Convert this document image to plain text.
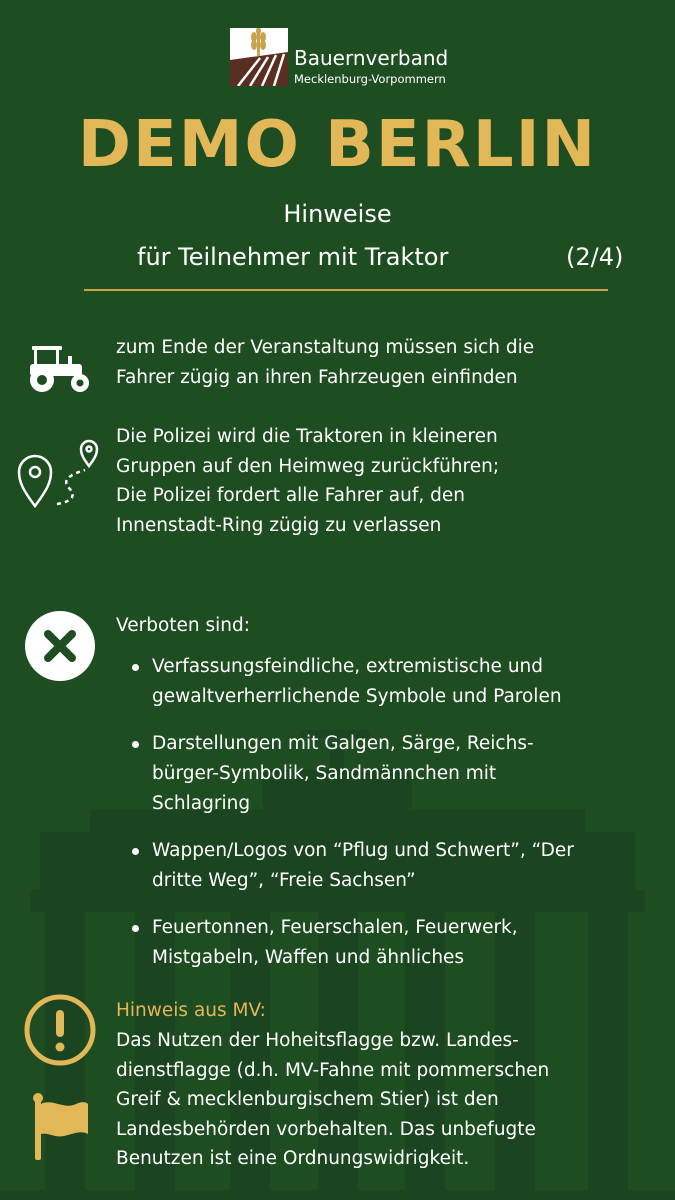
Bauernverband
Mecklenburg-Vorpommern
DEMO BERLIN
Hinweise
für Teilnehmer mit Traktor	(2/4)
zum Ende der Veranstaltung müssen sich die
Fahrer zügig an ihren Fahrzeugen einfinden
Die Polizei wird die Traktoren in kleineren
Gruppen auf den Heimweg zurückführen;
Die Polizei fordert alle Fahrer auf, den
Innenstadt-Ring zügig zu verlassen
Verboten sind:
Verfassungsfeindliche, extremistische und
gewaltverherrlichende Symbole und Parolen
Darstellungen mit Galgen, Särge, Reichs-
bürger-Symbolik, Sandmännchen mit
Schlagring
Wappen/Logos von “Pflug und Schwert”, “Der
dritte Weg”, “Freie Sachsen”
Feuertonnen, Feuerschalen, Feuerwerk,
Mistgabeln, Waffen und ähnliches
Hinweis aus MV:
Das Nutzen der Hoheitsflagge bzw. Landes-
dienstflagge (d.h. MV-Fahne mit pommerschen
Greif & mecklenburgischem Stier) ist den
Landesbehörden vorbehalten. Das unbefugte
Benutzen ist eine Ordnungswidrigkeit.
